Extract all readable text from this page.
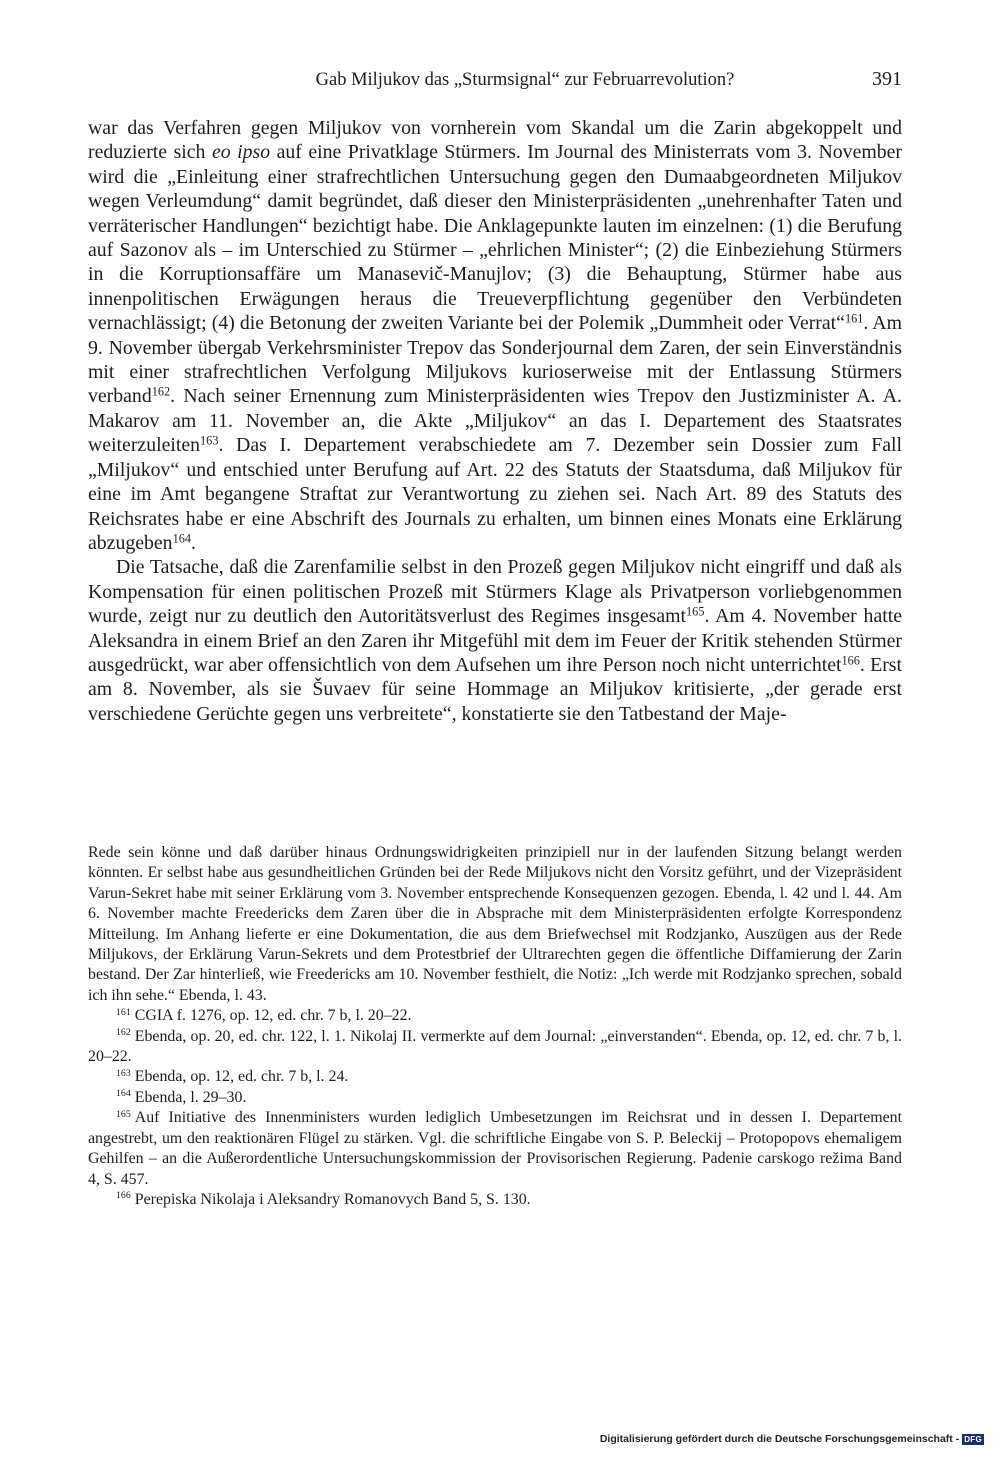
Gab Miljukov das „Sturmsignal“ zur Februarrevolution?	391

war das Verfahren gegen Miljukov von vornherein vom Skandal um die Zarin abgekoppelt und reduzierte sich eo ipso auf eine Privatklage Stürmers. Im Journal des Ministerrats vom 3. November wird die „Einleitung einer strafrechtlichen Untersuchung gegen den Dumaabgeordneten Miljukov wegen Verleumdung“ damit begründet, daß dieser den Ministerpräsidenten „unehrenhafter Taten und verräterischer Handlungen“ bezichtigt habe. Die Anklagepunkte lauten im einzelnen: (1) die Berufung auf Sazonov als – im Unterschied zu Stürmer – „ehrlichen Minister“; (2) die Einbeziehung Stürmers in die Korruptionsaffäre um Manasevič-Manujlov; (3) die Behauptung, Stürmer habe aus innenpolitischen Erwägungen heraus die Treueverpflichtung gegenüber den Verbündeten vernachlässigt; (4) die Betonung der zweiten Variante bei der Polemik „Dummheit oder Verrat“$^{161}$. Am 9. November übergab Verkehrsminister Trepov das Sonderjournal dem Zaren, der sein Einverständnis mit einer strafrechtlichen Verfolgung Miljukovs kurioserweise mit der Entlassung Stürmers verband$^{162}$. Nach seiner Ernennung zum Ministerpräsidenten wies Trepov den Justizminister A. A. Makarov am 11. November an, die Akte „Miljukov“ an das I. Departement des Staatsrates weiterzuleiten$^{163}$. Das I. Departement verabschiedete am 7. Dezember sein Dossier zum Fall „Miljukov“ und entschied unter Berufung auf Art. 22 des Statuts der Staatsduma, daß Miljukov für eine im Amt begangene Straftat zur Verantwortung zu ziehen sei. Nach Art. 89 des Statuts des Reichsrates habe er eine Abschrift des Journals zu erhalten, um binnen eines Monats eine Erklärung abzugeben$^{164}$.

Die Tatsache, daß die Zarenfamilie selbst in den Prozeß gegen Miljukov nicht eingriff und daß als Kompensation für einen politischen Prozeß mit Stürmers Klage als Privatperson vorliebgenommen wurde, zeigt nur zu deutlich den Autoritätsverlust des Regimes insgesamt$^{165}$. Am 4. November hatte Aleksandra in einem Brief an den Zaren ihr Mitgefühl mit dem im Feuer der Kritik stehenden Stürmer ausgedrückt, war aber offensichtlich von dem Aufsehen um ihre Person noch nicht unterrichtet$^{166}$. Erst am 8. November, als sie Šuvaev für seine Hommage an Miljukov kritisierte, „der gerade erst verschiedene Gerüchte gegen uns verbreitete“, konstatierte sie den Tatbestand der Maje-

Rede sein könne und daß darüber hinaus Ordnungswidrigkeiten prinzipiell nur in der laufenden Sitzung belangt werden könnten. Er selbst habe aus gesundheitlichen Gründen bei der Rede Miljukovs nicht den Vorsitz geführt, und der Vizepräsident Varun-Sekret habe mit seiner Erklärung vom 3. November entsprechende Konsequenzen gezogen. Ebenda, l. 42 und l. 44. Am 6. November machte Freedericks dem Zaren über die in Absprache mit dem Ministerpräsidenten erfolgte Korrespondenz Mitteilung. Im Anhang lieferte er eine Dokumentation, die aus dem Briefwechsel mit Rodzjanko, Auszügen aus der Rede Miljukovs, der Erklärung Varun-Sekrets und dem Protestbrief der Ultrarechten gegen die öffentliche Diffamierung der Zarin bestand. Der Zar hinterließ, wie Freedericks am 10. November festhielt, die Notiz: „Ich werde mit Rodzjanko sprechen, sobald ich ihn sehe.“ Ebenda, l. 43.

$^{161}$ CGIA f. 1276, op. 12, ed. chr. 7 b, l. 20–22.

$^{162}$ Ebenda, op. 20, ed. chr. 122, l. 1. Nikolaj II. vermerkte auf dem Journal: „einverstanden“. Ebenda, op. 12, ed. chr. 7 b, l. 20–22.

$^{163}$ Ebenda, op. 12, ed. chr. 7 b, l. 24.

$^{164}$ Ebenda, l. 29–30.

$^{165}$ Auf Initiative des Innenministers wurden lediglich Umbesetzungen im Reichsrat und in dessen I. Departement angestrebt, um den reaktionären Flügel zu stärken. Vgl. die schriftliche Eingabe von S. P. Beleckij – Protopopovs ehemaligem Gehilfen – an die Außerordentliche Untersuchungskommission der Provisorischen Regierung. Padenie carskogo režima Band 4, S. 457.

$^{166}$ Perepiska Nikolaja i Aleksandry Romanovych Band 5, S. 130.

Digitalisierung gefördert durch die Deutsche Forschungsgemeinschaft - DFG
